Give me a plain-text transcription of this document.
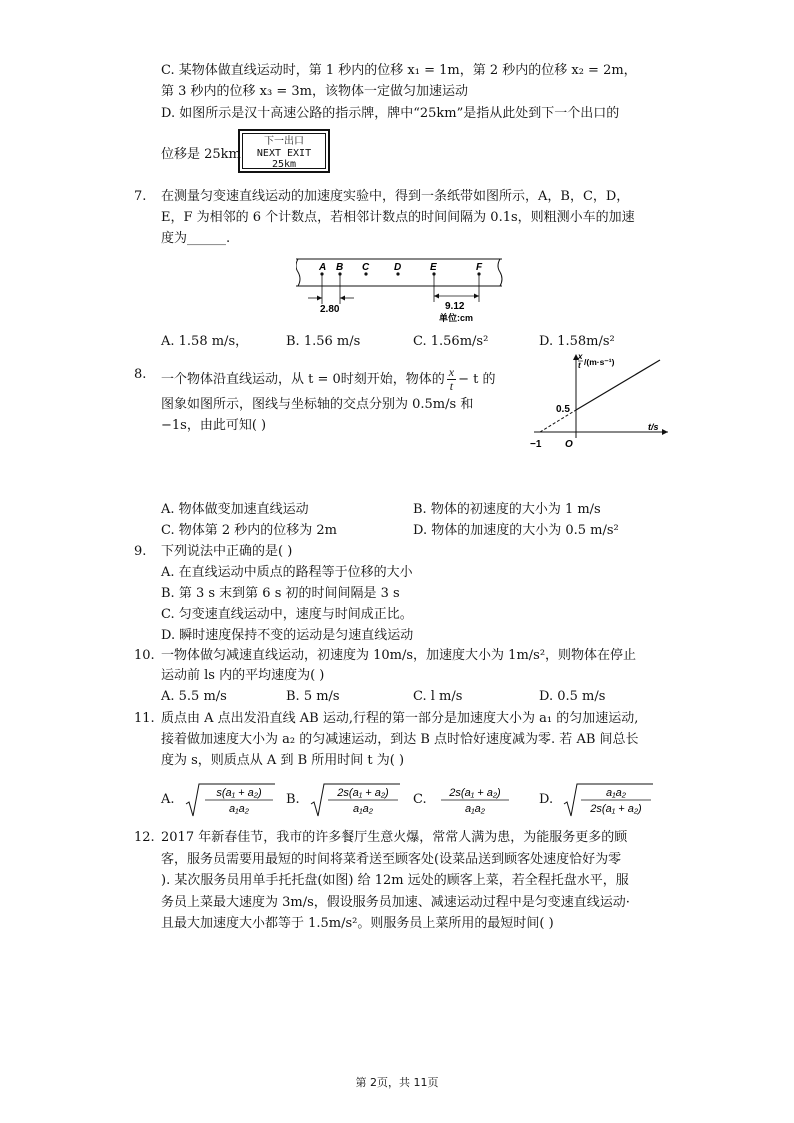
C. 某物体做直线运动时，第 1 秒内的位移 x₁ = 1m，第 2 秒内的位移 x₂ = 2m，
第 3 秒内的位移 x₃ = 3m，该物体一定做匀加速运动
D. 如图所示是汉十高速公路的指示牌，牌中“25km”是指从此处到下一个出口的
位移是 25km
下一出口
NEXT EXIT
25km
7. 在测量匀变速直线运动的加速度实验中，得到一条纸带如图所示，A，B，C，D，
E，F 为相邻的 6 个计数点，若相邻计数点的时间间隔为 0.1s，则粗测小车的加速
度为______.
A B C D	E	F
2.80	9.12
单位:cm
A. 1.58 m/s，	B. 1.56 m/s	C. 1.56m/s²	D. 1.58m/s²
8. 一个物体沿直线运动，从 t = 0时刻开始，物体的 $\frac{x}{t} - t$ 的
图象如图所示，图线与坐标轴的交点分别为 0.5m/s 和
−1s，由此可知( )
x
t /(m·s⁻¹)
t/s
0.5
−1 O
A. 物体做变加速直线运动	B. 物体的初速度的大小为 1 m/s
C. 物体第 2 秒内的位移为 2m	D. 物体的加速度的大小为 0.5 m/s²
9. 下列说法中正确的是( )
A. 在直线运动中质点的路程等于位移的大小
B. 第 3 s 末到第 6 s 初的时间间隔是 3 s
C. 匀变速直线运动中，速度与时间成正比。
D. 瞬时速度保持不变的运动是匀速直线运动
10. 一物体做匀减速直线运动，初速度为 10m/s，加速度大小为 1m/s²，则物体在停止
运动前 ls 内的平均速度为( )
A. 5.5 m/s	B. 5 m/s	C. l m/s	D. 0.5 m/s
11. 质点由 A 点出发沿直线 AB 运动,行程的第一部分是加速度大小为 a₁ 的匀加速运动,
接着做加速度大小为 a₂ 的匀减速运动，到达 B 点时恰好速度减为零. 若 AB 间总长
度为 s，则质点从 A 到 B 所用时间 t 为( )
A.	s(a₁ + a₂)
a₁a₂
B.	2s(a₁ + a₂)
a₁a₂
C. 2s(a₁ + a₂)
a₁a₂
D.	a₁a₂
2s(a₁ + a₂)
12. 2017 年新春佳节，我市的许多餐厅生意火爆，常常人满为患，为能服务更多的顾
客，服务员需要用最短的时间将菜肴送至顾客处(设菜品送到顾客处速度恰好为零
). 某次服务员用单手托托盘(如图) 给 12m 远处的顾客上菜，若全程托盘水平，服
务员上菜最大速度为 3m/s，假设服务员加速、减速运动过程中是匀变速直线运动·
且最大加速度大小都等于 1.5m/s²。则服务员上菜所用的最短时间( )
第 2页，共 11页
